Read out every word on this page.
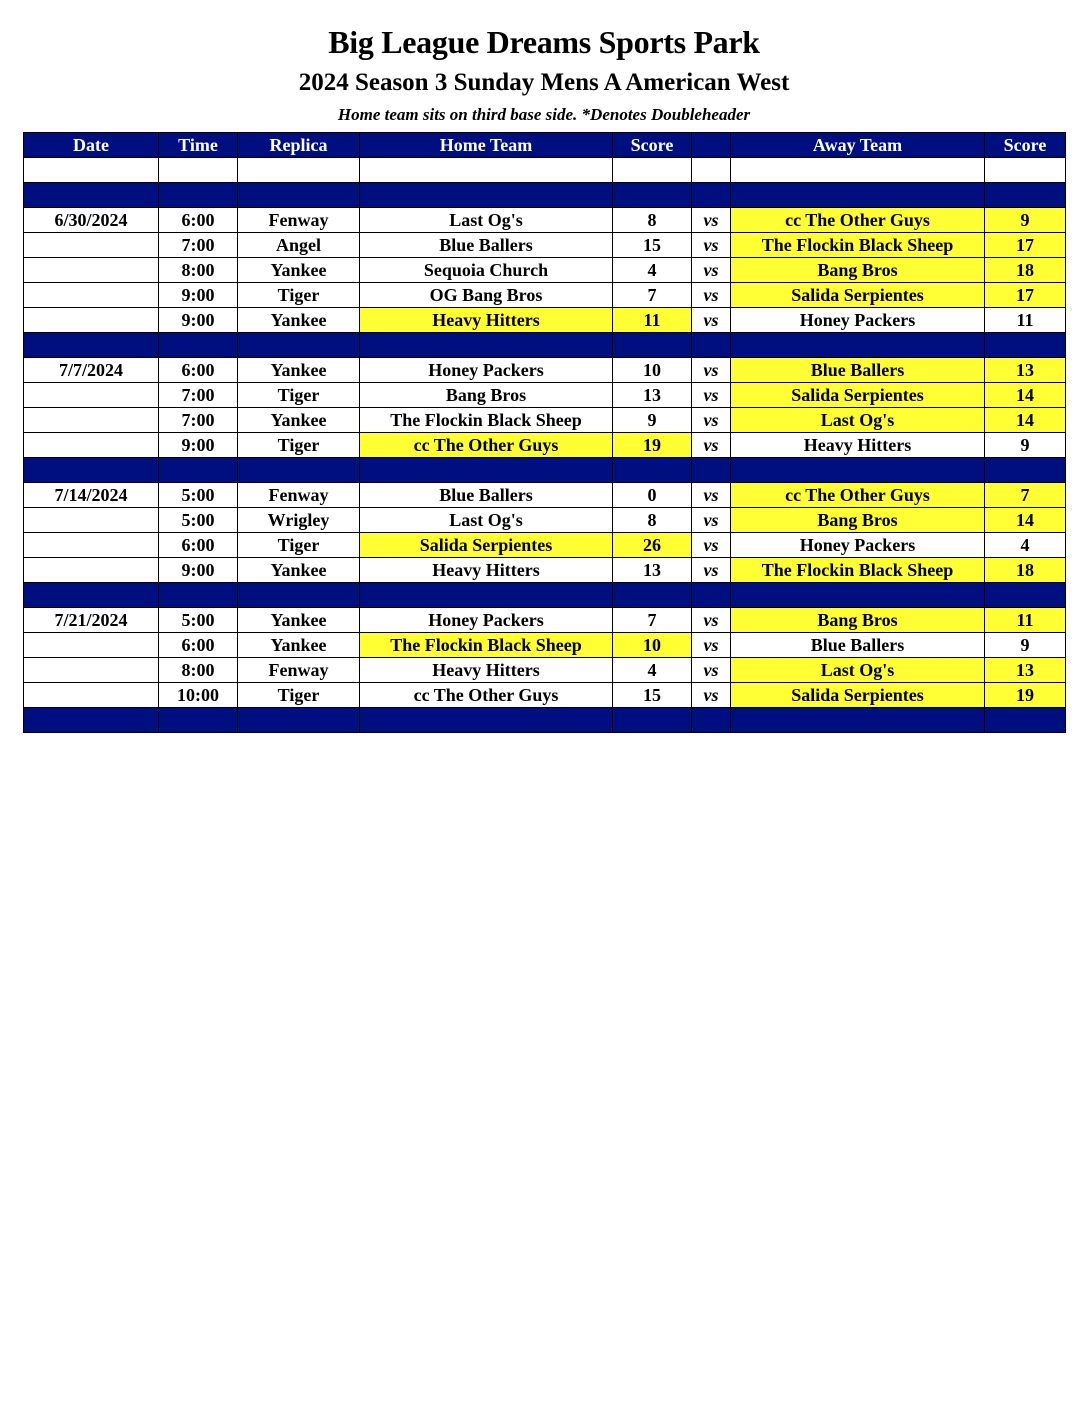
Big League Dreams Sports Park
2024 Season 3 Sunday Mens A American West
Home team sits on third base side. *Denotes Doubleheader
Date	Time	Replica	Home Team	Score		Away Team	Score

6/30/2024	6:00	Fenway	Last Og's	8	vs	cc The Other Guys	9
	7:00	Angel	Blue Ballers	15	vs	The Flockin Black Sheep	17
	8:00	Yankee	Sequoia Church	4	vs	Bang Bros	18
	9:00	Tiger	OG Bang Bros	7	vs	Salida Serpientes	17
	9:00	Yankee	Heavy Hitters	11	vs	Honey Packers	11

7/7/2024	6:00	Yankee	Honey Packers	10	vs	Blue Ballers	13
	7:00	Tiger	Bang Bros	13	vs	Salida Serpientes	14
	7:00	Yankee	The Flockin Black Sheep	9	vs	Last Og's	14
	9:00	Tiger	cc The Other Guys	19	vs	Heavy Hitters	9

7/14/2024	5:00	Fenway	Blue Ballers	0	vs	cc The Other Guys	7
	5:00	Wrigley	Last Og's	8	vs	Bang Bros	14
	6:00	Tiger	Salida Serpientes	26	vs	Honey Packers	4
	9:00	Yankee	Heavy Hitters	13	vs	The Flockin Black Sheep	18

7/21/2024	5:00	Yankee	Honey Packers	7	vs	Bang Bros	11
	6:00	Yankee	The Flockin Black Sheep	10	vs	Blue Ballers	9
	8:00	Fenway	Heavy Hitters	4	vs	Last Og's	13
	10:00	Tiger	cc The Other Guys	15	vs	Salida Serpientes	19
